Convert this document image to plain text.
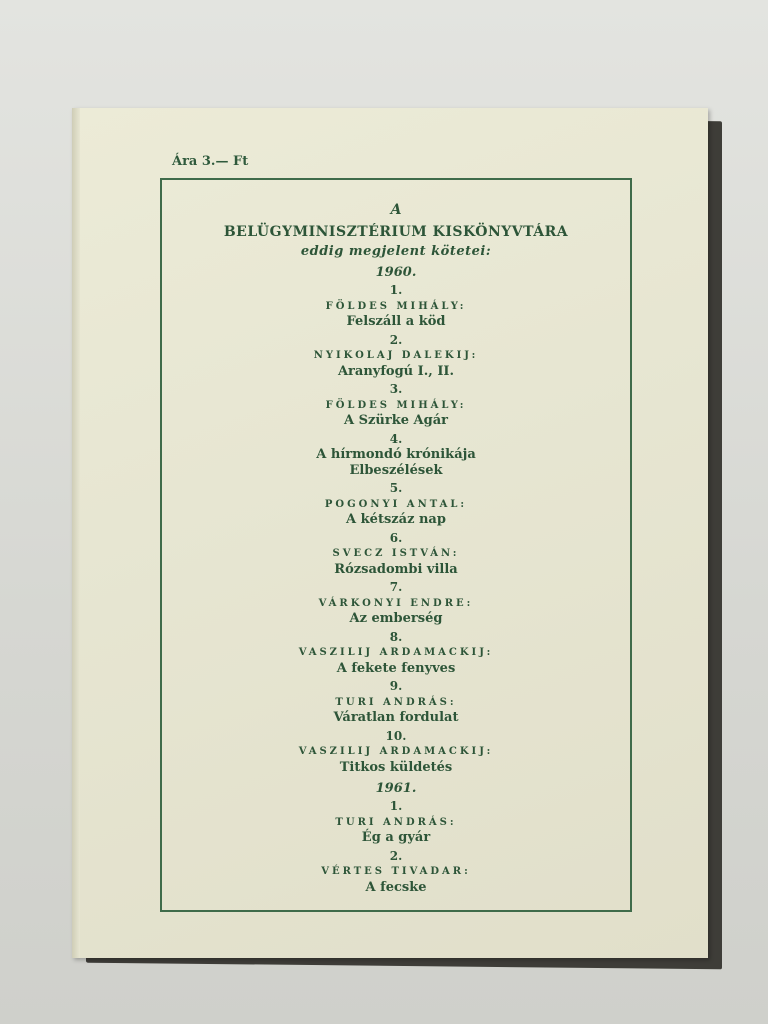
Ára 3.— Ft
A
BELÜGYMINISZTÉRIUM KISKÖNYVTÁRA
eddig megjelent kötetei:
1960.
1.
FÖLDES MIHÁLY:
Felszáll a köd
2.
NYIKOLAJ DALEKIJ:
Aranyfogú I., II.
3.
FÖLDES MIHÁLY:
A Szürke Agár
4.
A hírmondó krónikája
Elbeszélések
5.
POGONYI ANTAL:
A kétszáz nap
6.
SVECZ ISTVÁN:
Rózsadombi villa
7.
VÁRKONYI ENDRE:
Az emberség
8.
VASZILIJ ARDAMACKIJ:
A fekete fenyves
9.
TURI ANDRÁS:
Váratlan fordulat
10.
VASZILIJ ARDAMACKIJ:
Titkos küldetés
1961.
1.
TURI ANDRÁS:
Ég a gyár
2.
VÉRTES TIVADAR:
A fecske
